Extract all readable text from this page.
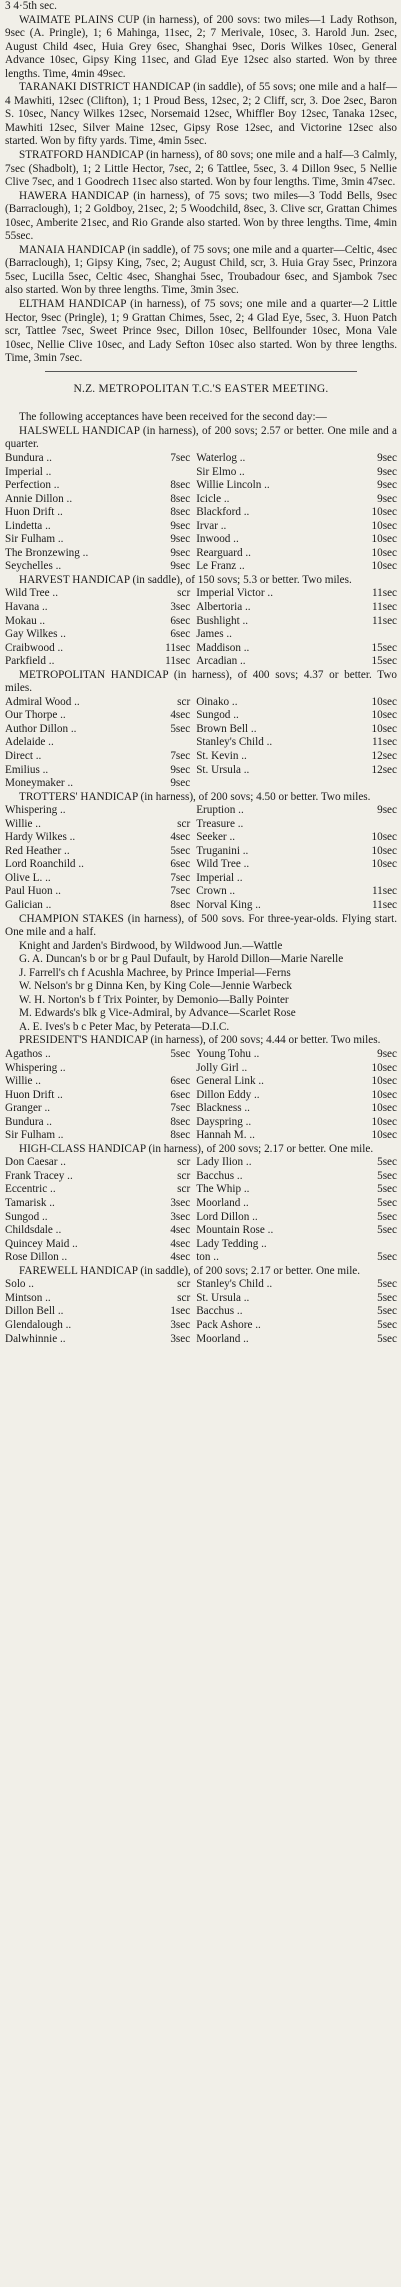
3 4·5th sec.

WAIMATE PLAINS CUP (in harness), of 200 sovs: two miles—1 Lady Rothson, 9sec (A. Pringle), 1; 6 Mahinga, 11sec, 2; 7 Merivale, 10sec, 3. Harold Jun. 2sec, August Child 4sec, Huia Grey 6sec, Shanghai 9sec, Doris Wilkes 10sec, General Advance 10sec, Gipsy King 11sec, and Glad Eye 12sec also started. Won by three lengths. Time, 4min 49sec.

TARANAKI DISTRICT HANDICAP (in saddle), of 55 sovs; one mile and a half—4 Mawhiti, 12sec (Clifton), 1; 1 Proud Bess, 12sec, 2; 2 Cliff, scr, 3. Doe 2sec, Baron S. 10sec, Nancy Wilkes 12sec, Norsemaid 12sec, Whiffler Boy 12sec, Tanaka 12sec, Mawhiti 12sec, Silver Maine 12sec, Gipsy Rose 12sec, and Victorine 12sec also started. Won by fifty yards. Time, 4min 5sec.

STRATFORD HANDICAP (in harness), of 80 sovs; one mile and a half—3 Calmly, 7sec (Shadbolt), 1; 2 Little Hector, 7sec, 2; 6 Tattlee, 5sec, 3. 4 Dillon 9sec, 5 Nellie Clive 7sec, and 1 Goodrech 11sec also started. Won by four lengths. Time, 3min 47sec.

HAWERA HANDICAP (in harness), of 75 sovs; two miles—3 Todd Bells, 9sec (Barraclough), 1; 2 Goldboy, 21sec, 2; 5 Woodchild, 8sec, 3. Clive scr, Grattan Chimes 10sec, Amberite 21sec, and Rio Grande also started. Won by three lengths. Time, 4min 55sec.

MANAIA HANDICAP (in saddle), of 75 sovs; one mile and a quarter—Celtic, 4sec (Barraclough), 1; Gipsy King, 7sec, 2; August Child, scr, 3. Huia Gray 5sec, Prinzora 5sec, Lucilla 5sec, Celtic 4sec, Shanghai 5sec, Troubadour 6sec, and Sjambok 7sec also started. Won by three lengths. Time, 3min 3sec.

ELTHAM HANDICAP (in harness), of 75 sovs; one mile and a quarter—2 Little Hector, 9sec (Pringle), 1; 9 Grattan Chimes, 5sec, 2; 4 Glad Eye, 5sec, 3. Huon Patch scr, Tattlee 7sec, Sweet Prince 9sec, Dillon 10sec, Bellfounder 10sec, Mona Vale 10sec, Nellie Clive 10sec, and Lady Sefton 10sec also started. Won by three lengths. Time, 3min 7sec.

N.Z. METROPOLITAN T.C.'S EASTER MEETING.

The following acceptances have been received for the second day:—

HALSWELL HANDICAP (in harness), of 200 sovs; 2.57 or better. One mile and a quarter.

Bundura ..	7sec	Waterlog ..	9sec
Imperial ..		Sir Elmo ..	9sec
Perfection ..	8sec	Willie Lincoln ..	9sec
Annie Dillon ..	8sec	Icicle ..	9sec
Huon Drift ..	8sec	Blackford ..	10sec
Lindetta ..	9sec	Irvar ..	10sec
Sir Fulham ..	9sec	Inwood ..	10sec
The Bronzewing ..	9sec	Rearguard ..	10sec
Seychelles ..	9sec	Le Franz ..	10sec

HARVEST HANDICAP (in saddle), of 150 sovs; 5.3 or better. Two miles.

Wild Tree ..	scr	Imperial Victor ..	11sec
Havana ..	3sec	Albertoria ..	11sec
Mokau ..	6sec	Bushlight ..	11sec
Gay Wilkes ..	6sec	James ..	
Craibwood ..	11sec	Maddison ..	15sec
Parkfield ..	11sec	Arcadian ..	15sec

METROPOLITAN HANDICAP (in harness), of 400 sovs; 4.37 or better. Two miles.

Admiral Wood ..	scr	Oinako ..	10sec
Our Thorpe ..	4sec	Sungod ..	10sec
Author Dillon ..	5sec	Brown Bell ..	10sec
Adelaide ..		Stanley's Child ..	11sec
Direct ..	7sec	St. Kevin ..	12sec
Emilius ..	9sec	St. Ursula ..	12sec
Moneymaker ..	9sec		

TROTTERS' HANDICAP (in harness), of 200 sovs; 4.50 or better. Two miles.

Whispering ..		Eruption ..	9sec
Willie ..	scr	Treasure ..	
Hardy Wilkes ..	4sec	Seeker ..	10sec
Red Heather ..	5sec	Truganini ..	10sec
Lord Roanchild ..	6sec	Wild Tree ..	10sec
Olive L. ..	7sec	Imperial ..	
Paul Huon ..	7sec	Crown ..	11sec
Galician ..	8sec	Norval King ..	11sec

CHAMPION STAKES (in harness), of 500 sovs. For three-year-olds. Flying start. One mile and a half.

Knight and Jarden's Birdwood, by Wildwood Jun.—Wattle

G. A. Duncan's b or br g Paul Dufault, by Harold Dillon—Marie Narelle

J. Farrell's ch f Acushla Machree, by Prince Imperial—Ferns

W. Nelson's br g Dinna Ken, by King Cole—Jennie Warbeck

W. H. Norton's b f Trix Pointer, by Demonio—Bally Pointer

M. Edwards's blk g Vice-Admiral, by Advance—Scarlet Rose

A. E. Ives's b c Peter Mac, by Peterata—D.I.C.

PRESIDENT'S HANDICAP (in harness), of 200 sovs; 4.44 or better. Two miles.

Agathos ..	5sec	Young Tohu ..	9sec
Whispering ..		Jolly Girl ..	10sec
Willie ..	6sec	General Link ..	10sec
Huon Drift ..	6sec	Dillon Eddy ..	10sec
Granger ..	7sec	Blackness ..	10sec
Bundura ..	8sec	Dayspring ..	10sec
Sir Fulham ..	8sec	Hannah M. ..	10sec

HIGH-CLASS HANDICAP (in harness), of 200 sovs; 2.17 or better. One mile.

Don Caesar ..	scr	Lady Ilion ..	5sec
Frank Tracey ..	scr	Bacchus ..	5sec
Eccentric ..	scr	The Whip ..	5sec
Tamarisk ..	3sec	Moorland ..	5sec
Sungod ..	3sec	Lord Dillon ..	5sec
Childsdale ..	4sec	Mountain Rose ..	5sec
Quincey Maid ..	4sec	Lady Tedding ..	
Rose Dillon ..	4sec	ton ..	5sec

FAREWELL HANDICAP (in saddle), of 200 sovs; 2.17 or better. One mile.

Solo ..	scr	Stanley's Child ..	5sec
Mintson ..	scr	St. Ursula ..	5sec
Dillon Bell ..	1sec	Bacchus ..	5sec
Glendalough ..	3sec	Pack Ashore ..	5sec
Dalwhinnie ..	3sec	Moorland ..	5sec
